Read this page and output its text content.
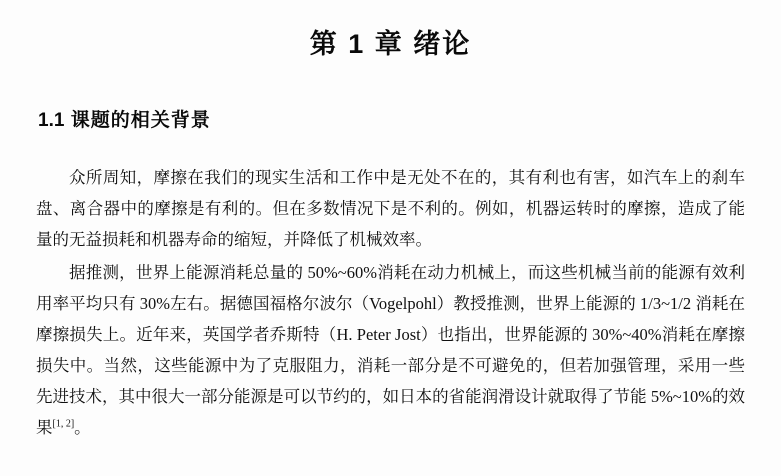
第 1 章 绪论
1.1 课题的相关背景

众所周知，摩擦在我们的现实生活和工作中是无处不在的，其有利也有害，如汽车上的刹车盘、离合器中的摩擦是有利的。但在多数情况下是不利的。例如，机器运转时的摩擦，造成了能量的无益损耗和机器寿命的缩短，并降低了机械效率。

据推测，世界上能源消耗总量的 50%~60%消耗在动力机械上，而这些机械当前的能源有效利用率平均只有 30%左右。据德国福格尔波尔（Vogelpohl）教授推测，世界上能源的 1/3~1/2 消耗在摩擦损失上。近年来，英国学者乔斯特（H. Peter Jost）也指出，世界能源的 30%~40%消耗在摩擦损失中。当然，这些能源中为了克服阻力，消耗一部分是不可避免的，但若加强管理，采用一些先进技术，其中很大一部分能源是可以节约的，如日本的省能润滑设计就取得了节能 5%~10%的效果[1, 2]。
